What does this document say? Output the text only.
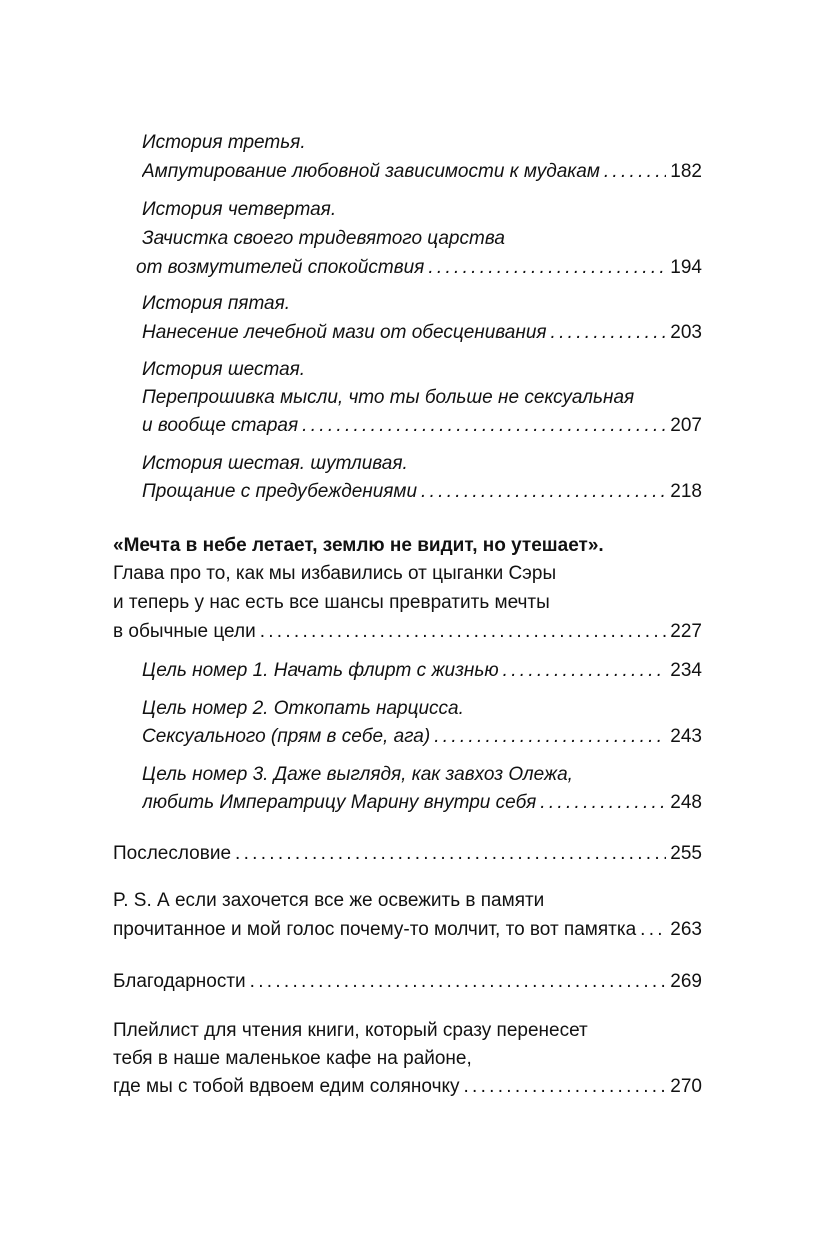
История третья.
Ампутирование любовной зависимости к мудакам . . .	182
История четвертая.
Зачистка своего тридевятого царства
от возмутителей спокойствия . . .	194
История пятая.
Нанесение лечебной мази от обесценивания . . .	203
История шестая.
Перепрошивка мысли, что ты больше не сексуальная
и вообще старая . . .	207
История шестая. шутливая.
Прощание с предубеждениями . . .	218
«Мечта в небе летает, землю не видит, но утешает».
Глава про то, как мы избавились от цыганки Сэры
и теперь у нас есть все шансы превратить мечты
в обычные цели . . .	227
Цель номер 1. Начать флирт с жизнью . . .	234
Цель номер 2. Откопать нарцисса.
Сексуального (прям в себе, ага) . . .	243
Цель номер 3. Даже выглядя, как завхоз Олежа,
любить Императрицу Марину внутри себя . . .	248
Послесловие . . .	255
P. S. А если захочется все же освежить в памяти
прочитанное и мой голос почему-то молчит, то вот памятка . . . 263
Благодарности . . .	269
Плейлист для чтения книги, который сразу перенесет
тебя в наше маленькое кафе на районе,
где мы с тобой вдвоем едим соляночку . . .	270
